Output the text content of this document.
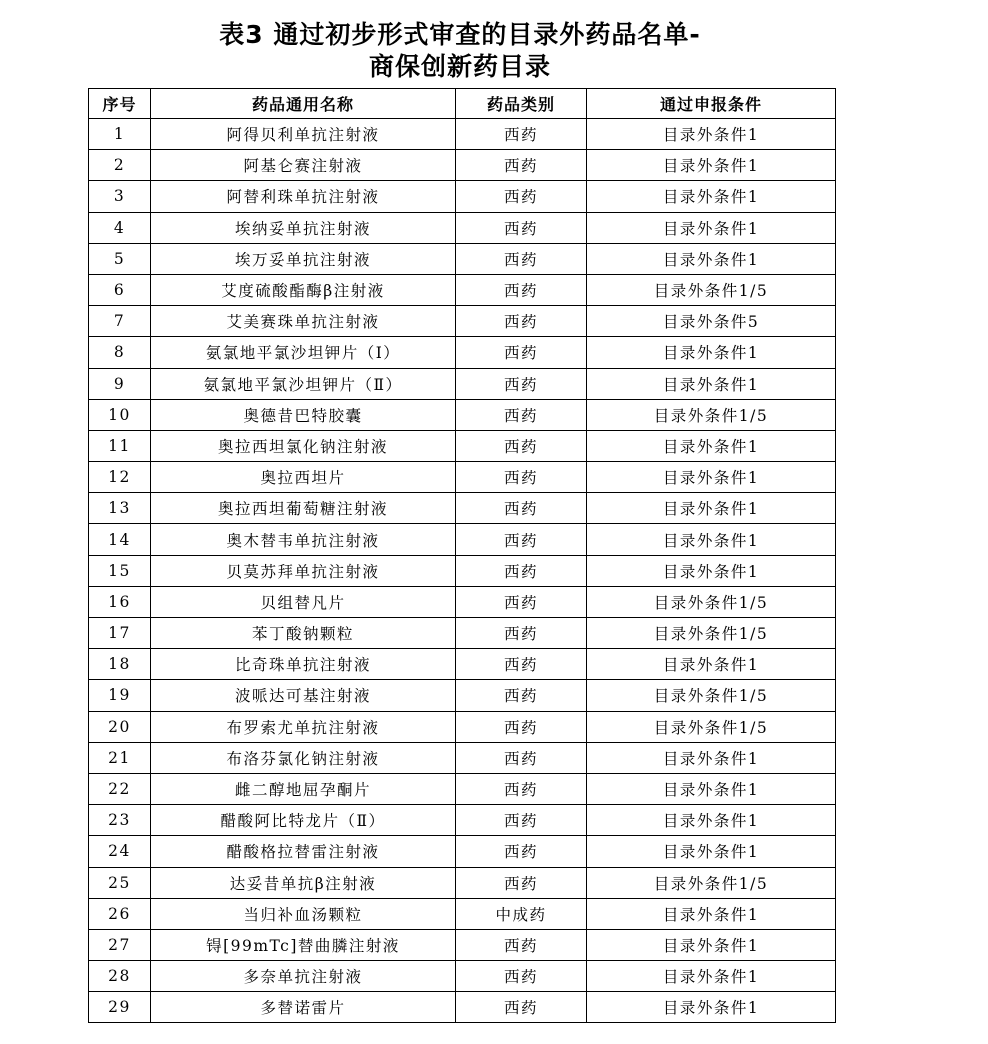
表3 通过初步形式审查的目录外药品名单-
商保创新药目录
序号	药品通用名称	药品类别	通过申报条件
1	阿得贝利单抗注射液	西药	目录外条件1
2	阿基仑赛注射液	西药	目录外条件1
3	阿替利珠单抗注射液	西药	目录外条件1
4	埃纳妥单抗注射液	西药	目录外条件1
5	埃万妥单抗注射液	西药	目录外条件1
6	艾度硫酸酯酶β注射液	西药	目录外条件1/5
7	艾美赛珠单抗注射液	西药	目录外条件5
8	氨氯地平氯沙坦钾片（Ⅰ）	西药	目录外条件1
9	氨氯地平氯沙坦钾片（Ⅱ）	西药	目录外条件1
10	奥德昔巴特胶囊	西药	目录外条件1/5
11	奥拉西坦氯化钠注射液	西药	目录外条件1
12	奥拉西坦片	西药	目录外条件1
13	奥拉西坦葡萄糖注射液	西药	目录外条件1
14	奥木替韦单抗注射液	西药	目录外条件1
15	贝莫苏拜单抗注射液	西药	目录外条件1
16	贝组替凡片	西药	目录外条件1/5
17	苯丁酸钠颗粒	西药	目录外条件1/5
18	比奇珠单抗注射液	西药	目录外条件1
19	波哌达可基注射液	西药	目录外条件1/5
20	布罗索尤单抗注射液	西药	目录外条件1/5
21	布洛芬氯化钠注射液	西药	目录外条件1
22	雌二醇地屈孕酮片	西药	目录外条件1
23	醋酸阿比特龙片（Ⅱ）	西药	目录外条件1
24	醋酸格拉替雷注射液	西药	目录外条件1
25	达妥昔单抗β注射液	西药	目录外条件1/5
26	当归补血汤颗粒	中成药	目录外条件1
27	锝[99mTc]替曲膦注射液	西药	目录外条件1
28	多奈单抗注射液	西药	目录外条件1
29	多替诺雷片	西药	目录外条件1
